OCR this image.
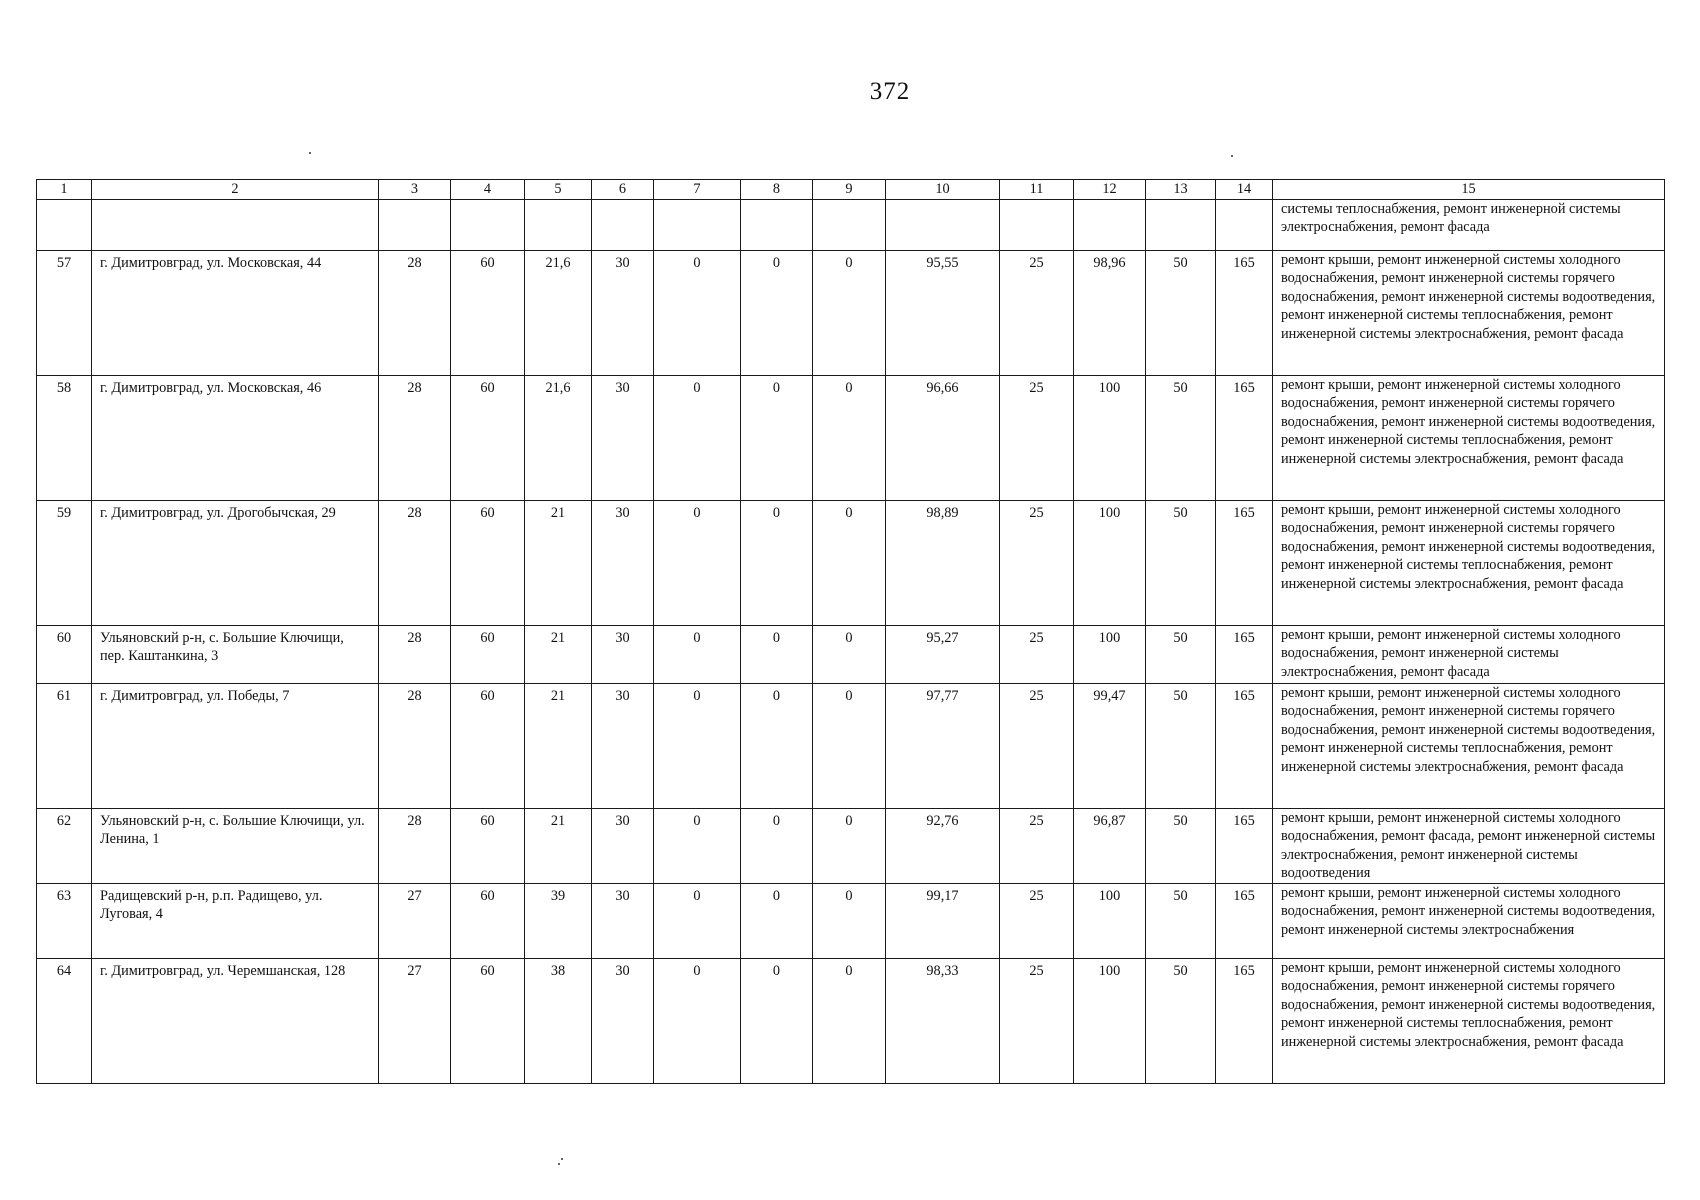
372
1	2	3	4	5	6	7	8	9	10	11	12	13	14	15
														системы теплоснабжения, ремонт инженерной системы электроснабжения, ремонт фасада
57	г. Димитровград, ул. Московская, 44	28	60	21,6	30	0	0	0	95,55	25	98,96	50	165	ремонт крыши, ремонт инженерной системы холодного водоснабжения, ремонт инженерной системы горячего водоснабжения, ремонт инженерной системы водоотведения, ремонт инженерной системы теплоснабжения, ремонт инженерной системы электроснабжения, ремонт фасада
58	г. Димитровград, ул. Московская, 46	28	60	21,6	30	0	0	0	96,66	25	100	50	165	ремонт крыши, ремонт инженерной системы холодного водоснабжения, ремонт инженерной системы горячего водоснабжения, ремонт инженерной системы водоотведения, ремонт инженерной системы теплоснабжения, ремонт инженерной системы электроснабжения, ремонт фасада
59	г. Димитровград, ул. Дрогобычская, 29	28	60	21	30	0	0	0	98,89	25	100	50	165	ремонт крыши, ремонт инженерной системы холодного водоснабжения, ремонт инженерной системы горячего водоснабжения, ремонт инженерной системы водоотведения, ремонт инженерной системы теплоснабжения, ремонт инженерной системы электроснабжения, ремонт фасада
60	Ульяновский р-н, с. Большие Ключищи, пер. Каштанкина, 3	28	60	21	30	0	0	0	95,27	25	100	50	165	ремонт крыши, ремонт инженерной системы холодного водоснабжения, ремонт инженерной системы электроснабжения, ремонт фасада
61	г. Димитровград, ул. Победы, 7	28	60	21	30	0	0	0	97,77	25	99,47	50	165	ремонт крыши, ремонт инженерной системы холодного водоснабжения, ремонт инженерной системы горячего водоснабжения, ремонт инженерной системы водоотведения, ремонт инженерной системы теплоснабжения, ремонт инженерной системы электроснабжения, ремонт фасада
62	Ульяновский р-н, с. Большие Ключищи, ул. Ленина, 1	28	60	21	30	0	0	0	92,76	25	96,87	50	165	ремонт крыши, ремонт инженерной системы холодного водоснабжения, ремонт фасада, ремонт инженерной системы электроснабжения, ремонт инженерной системы водоотведения
63	Радищевский р-н, р.п. Радищево, ул. Луговая, 4	27	60	39	30	0	0	0	99,17	25	100	50	165	ремонт крыши, ремонт инженерной системы холодного водоснабжения, ремонт инженерной системы водоотведения, ремонт инженерной системы электроснабжения
64	г. Димитровград, ул. Черемшанская, 128	27	60	38	30	0	0	0	98,33	25	100	50	165	ремонт крыши, ремонт инженерной системы холодного водоснабжения, ремонт инженерной системы горячего водоснабжения, ремонт инженерной системы водоотведения, ремонт инженерной системы теплоснабжения, ремонт инженерной системы электроснабжения, ремонт фасада
